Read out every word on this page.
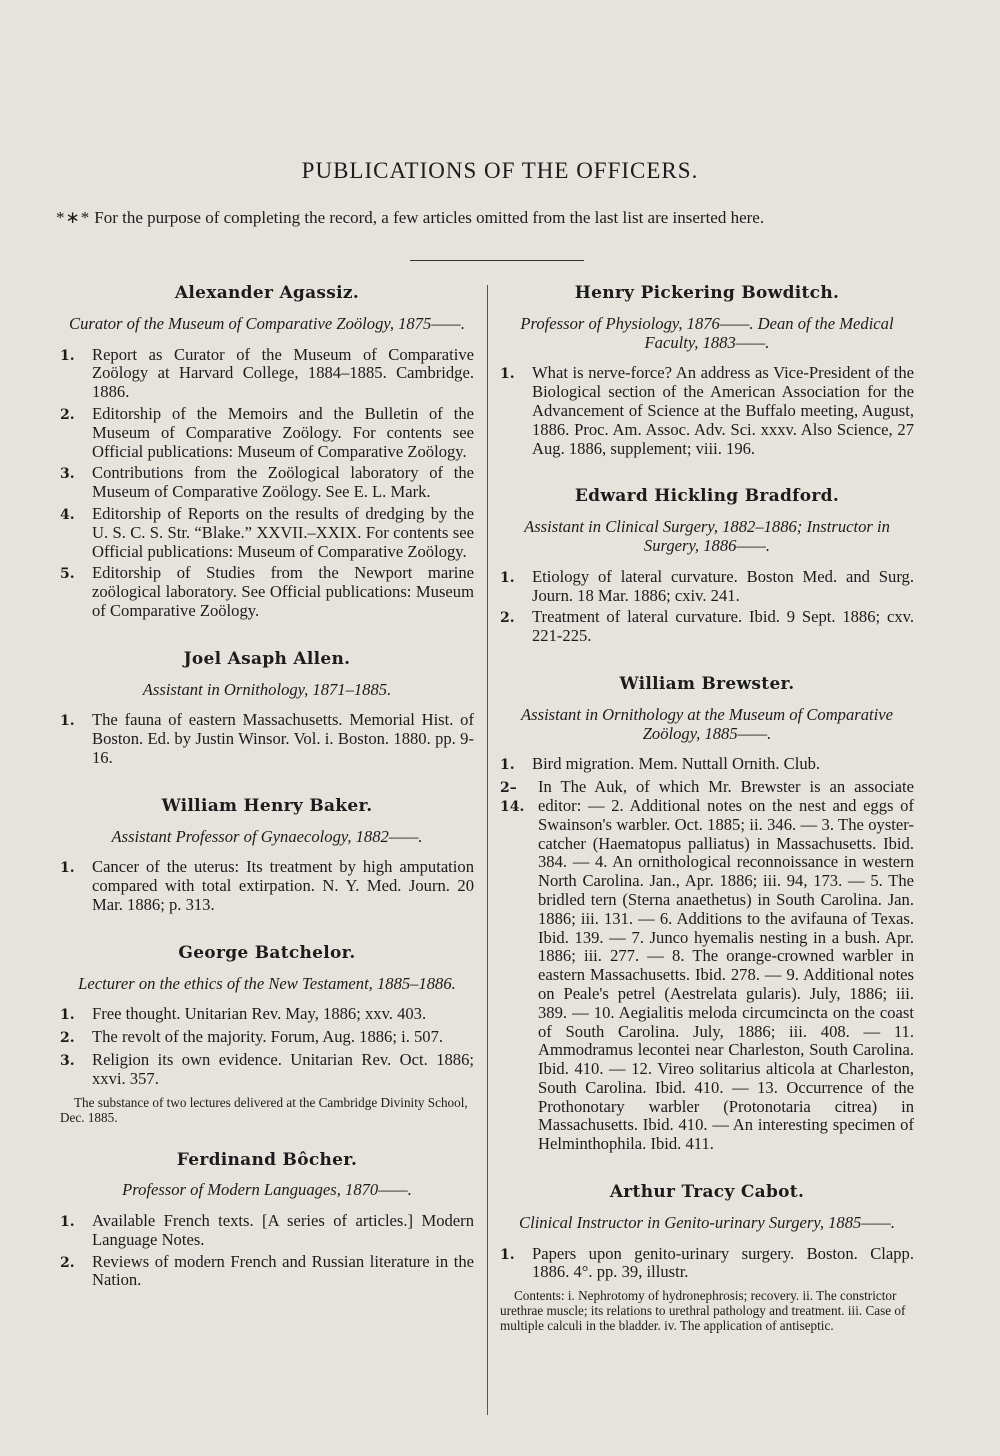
PUBLICATIONS OF THE OFFICERS.
*∗* For the purpose of completing the record, a few articles omitted from the last list are inserted here.
Alexander Agassiz.
Curator of the Museum of Comparative Zoölogy, 1875——.
1.	Report as Curator of the Museum of Comparative Zoölogy at Harvard College, 1884–1885. Cambridge. 1886.
2.	Editorship of the Memoirs and the Bulletin of the Museum of Comparative Zoölogy. For contents see Official publications: Museum of Comparative Zoölogy.
3.	Contributions from the Zoölogical laboratory of the Museum of Comparative Zoölogy. See E. L. Mark.
4.	Editorship of Reports on the results of dredging by the U. S. C. S. Str. “Blake.” XXVII.–XXIX. For contents see Official publications: Museum of Comparative Zoölogy.
5.	Editorship of Studies from the Newport marine zoölogical laboratory. See Official publications: Museum of Comparative Zoölogy.
Joel Asaph Allen.
Assistant in Ornithology, 1871–1885.
1.	The fauna of eastern Massachusetts. Memorial Hist. of Boston. Ed. by Justin Winsor. Vol. i. Boston. 1880. pp. 9-16.
William Henry Baker.
Assistant Professor of Gynaecology, 1882——.
1.	Cancer of the uterus: Its treatment by high amputation compared with total extirpation. N. Y. Med. Journ. 20 Mar. 1886; p. 313.
George Batchelor.
Lecturer on the ethics of the New Testament, 1885–1886.
1.	Free thought. Unitarian Rev. May, 1886; xxv. 403.
2.	The revolt of the majority. Forum, Aug. 1886; i. 507.
3.	Religion its own evidence. Unitarian Rev. Oct. 1886; xxvi. 357.
The substance of two lectures delivered at the Cambridge Divinity School, Dec. 1885.
Ferdinand Bôcher.
Professor of Modern Languages, 1870——.
1.	Available French texts. [A series of articles.] Modern Language Notes.
2.	Reviews of modern French and Russian literature in the Nation.
Henry Pickering Bowditch.
Professor of Physiology, 1876——. Dean of the Medical Faculty, 1883——.
1.	What is nerve-force? An address as Vice-President of the Biological section of the American Association for the Advancement of Science at the Buffalo meeting, August, 1886. Proc. Am. Assoc. Adv. Sci. xxxv. Also Science, 27 Aug. 1886, supplement; viii. 196.
Edward Hickling Bradford.
Assistant in Clinical Surgery, 1882–1886; Instructor in Surgery, 1886——.
1.	Etiology of lateral curvature. Boston Med. and Surg. Journ. 18 Mar. 1886; cxiv. 241.
2.	Treatment of lateral curvature. Ibid. 9 Sept. 1886; cxv. 221-225.
William Brewster.
Assistant in Ornithology at the Museum of Comparative Zoölogy, 1885——.
1.	Bird migration. Mem. Nuttall Ornith. Club.
2–14.
In The Auk, of which Mr. Brewster is an associate editor: — 2. Additional notes on the nest and eggs of Swainson's warbler. Oct. 1885; ii. 346. — 3. The oyster-catcher (Haematopus palliatus) in Massachusetts. Ibid. 384. — 4. An ornithological reconnoissance in western North Carolina. Jan., Apr. 1886; iii. 94, 173. — 5. The bridled tern (Sterna anaethetus) in South Carolina. Jan. 1886; iii. 131. — 6. Additions to the avifauna of Texas. Ibid. 139. — 7. Junco hyemalis nesting in a bush. Apr. 1886; iii. 277. — 8. The orange-crowned warbler in eastern Massachusetts. Ibid. 278. — 9. Additional notes on Peale's petrel (Aestrelata gularis). July, 1886; iii. 389. — 10. Aegialitis meloda circumcincta on the coast of South Carolina. July, 1886; iii. 408. — 11. Ammodramus lecontei near Charleston, South Carolina. Ibid. 410. — 12. Vireo solitarius alticola at Charleston, South Carolina. Ibid. 410. — 13. Occurrence of the Prothonotary warbler (Protonotaria citrea) in Massachusetts. Ibid. 410. — An interesting specimen of Helminthophila. Ibid. 411.
Arthur Tracy Cabot.
Clinical Instructor in Genito-urinary Surgery, 1885——.
1.	Papers upon genito-urinary surgery. Boston. Clapp. 1886. 4°. pp. 39, illustr.
Contents: i. Nephrotomy of hydronephrosis; recovery. ii. The constrictor urethrae muscle; its relations to urethral pathology and treatment. iii. Case of multiple calculi in the bladder. iv. The application of antiseptic.
